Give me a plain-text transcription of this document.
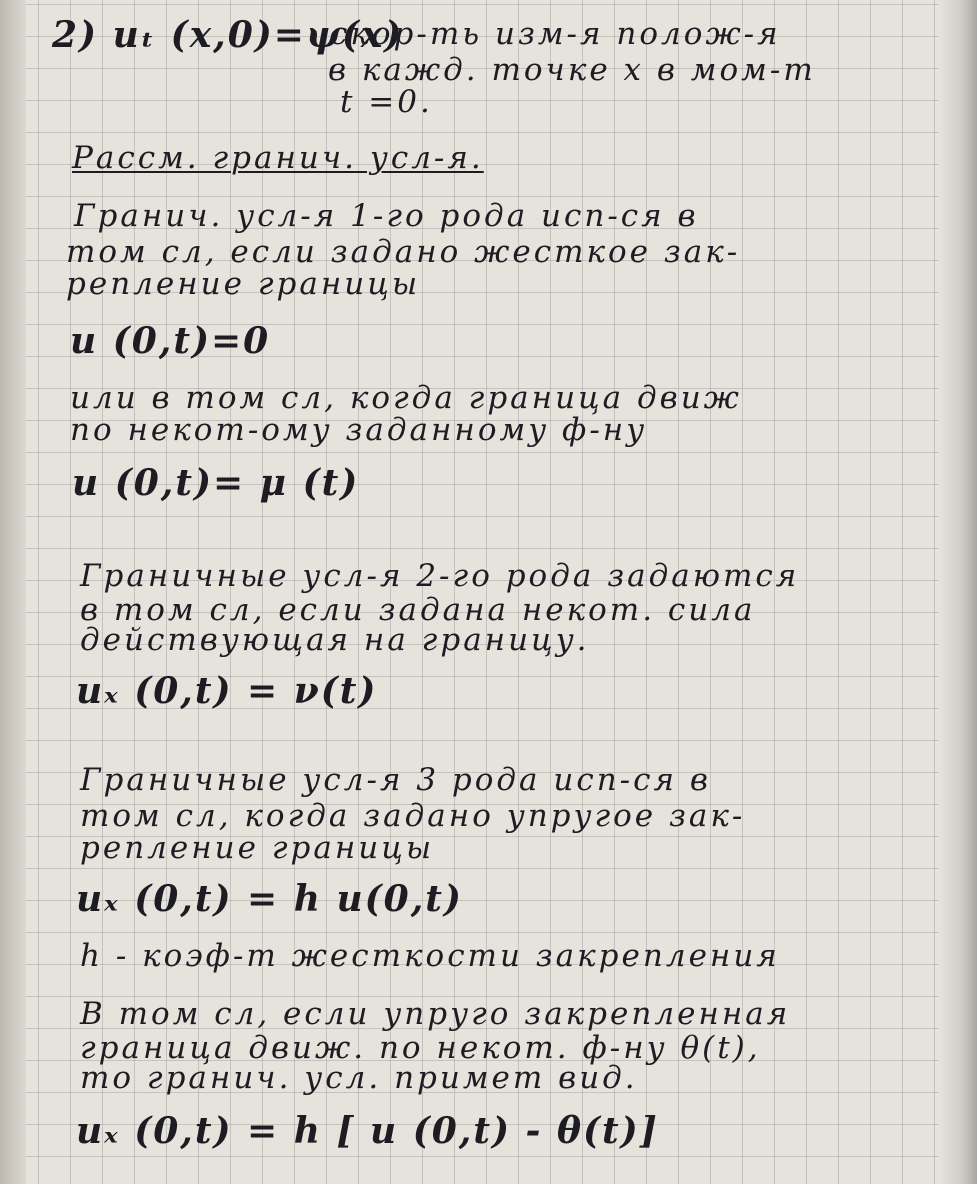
2) uₜ (x,0)=ψ(x)
скор-ть изм-я полож-я
в кажд. точке x в мом-т
t =0.
Рассм. гранич. усл-я.
Гранич. усл-я 1-го рода исп-ся в
том сл, если задано жесткое зак-
репление границы
u (0,t)=0
или в том сл, когда граница движ
по некот-ому заданному ф-ну
u (0,t)= μ (t)
Граничные усл-я 2-го рода задаются
в том сл, если задана некот. сила
действующая на границу.
uₓ (0,t) = ν(t)
Граничные усл-я 3 рода исп-ся в
том сл, когда задано упругое зак-
репление границы
uₓ (0,t) = h u(0,t)
h - коэф-т жесткости закрепления
В том сл, если упруго закрепленная
граница движ. по некот. ф-ну θ(t),
то гранич. усл. примет вид.
uₓ (0,t) = h [ u (0,t) - θ(t)]
